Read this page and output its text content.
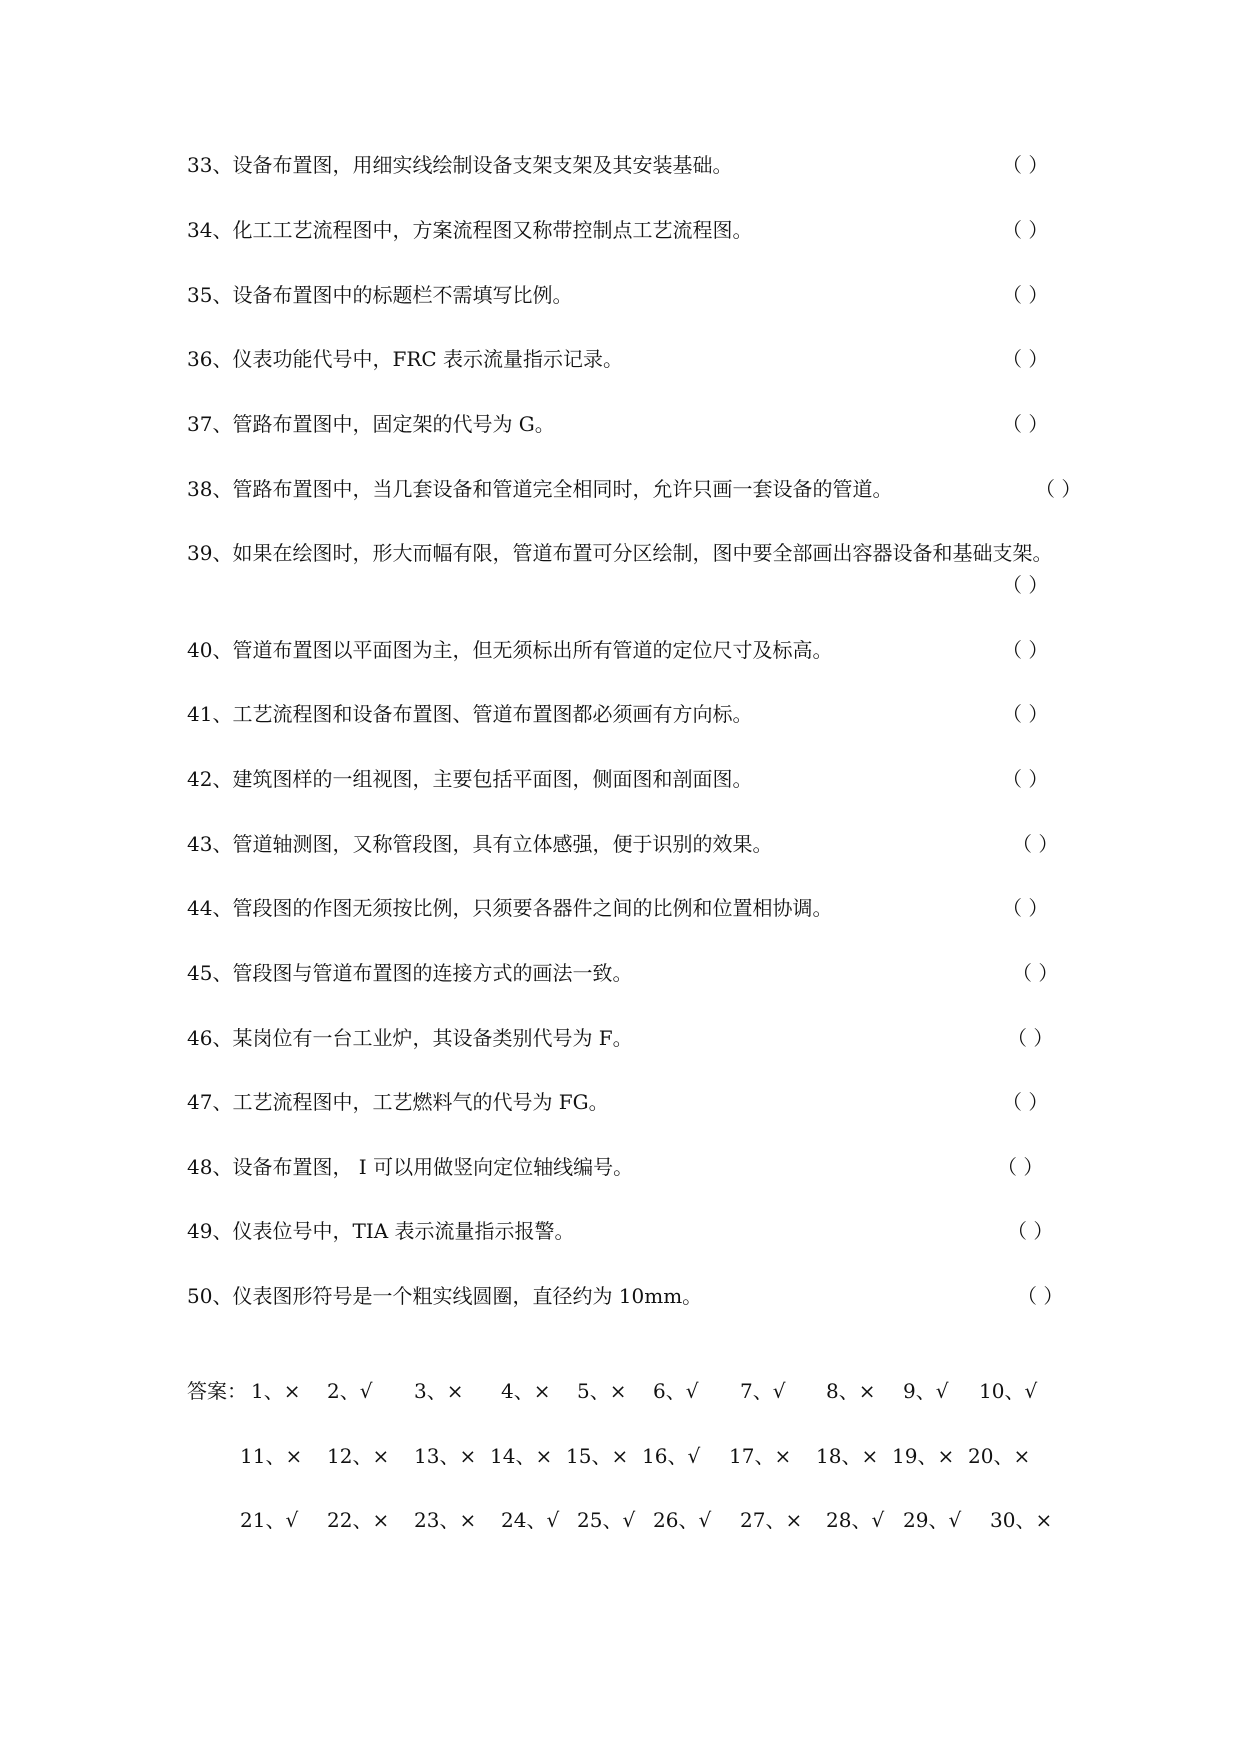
33、设备布置图，用细实线绘制设备支架支架及其安装基础。	（ ）
34、化工工艺流程图中，方案流程图又称带控制点工艺流程图。	（ ）
35、设备布置图中的标题栏不需填写比例。	（ ）
36、仪表功能代号中，FRC 表示流量指示记录。	（ ）
37、管路布置图中，固定架的代号为 G。	（ ）
38、管路布置图中，当几套设备和管道完全相同时，允许只画一套设备的管道。	（ ）
39、如果在绘图时，形大而幅有限，管道布置可分区绘制，图中要全部画出容器设备和基础支架。
（ ）
40、管道布置图以平面图为主，但无须标出所有管道的定位尺寸及标高。	（ ）
41、工艺流程图和设备布置图、管道布置图都必须画有方向标。	（ ）
42、建筑图样的一组视图，主要包括平面图，侧面图和剖面图。	（ ）
43、管道轴测图，又称管段图，具有立体感强，便于识别的效果。	（ ）
44、管段图的作图无须按比例，只须要各器件之间的比例和位置相协调。	（ ）
45、管段图与管道布置图的连接方式的画法一致。	（ ）
46、某岗位有一台工业炉，其设备类别代号为 F。	（ ）
47、工艺流程图中，工艺燃料气的代号为 FG。	（ ）
48、设备布置图， I 可以用做竖向定位轴线编号。	（ ）
49、仪表位号中，TIA 表示流量指示报警。	（ ）
50、仪表图形符号是一个粗实线圆圈，直径约为 10mm。	（ ）
答案： 1、× 2、√ 3、× 4、× 5、× 6、√ 7、√ 8、× 9、√ 10、√
11、× 12、× 13、× 14、× 15、× 16、√ 17、× 18、× 19、× 20、×
21、√ 22、× 23、× 24、√ 25、√ 26、√ 27、× 28、√ 29、√ 30、×
